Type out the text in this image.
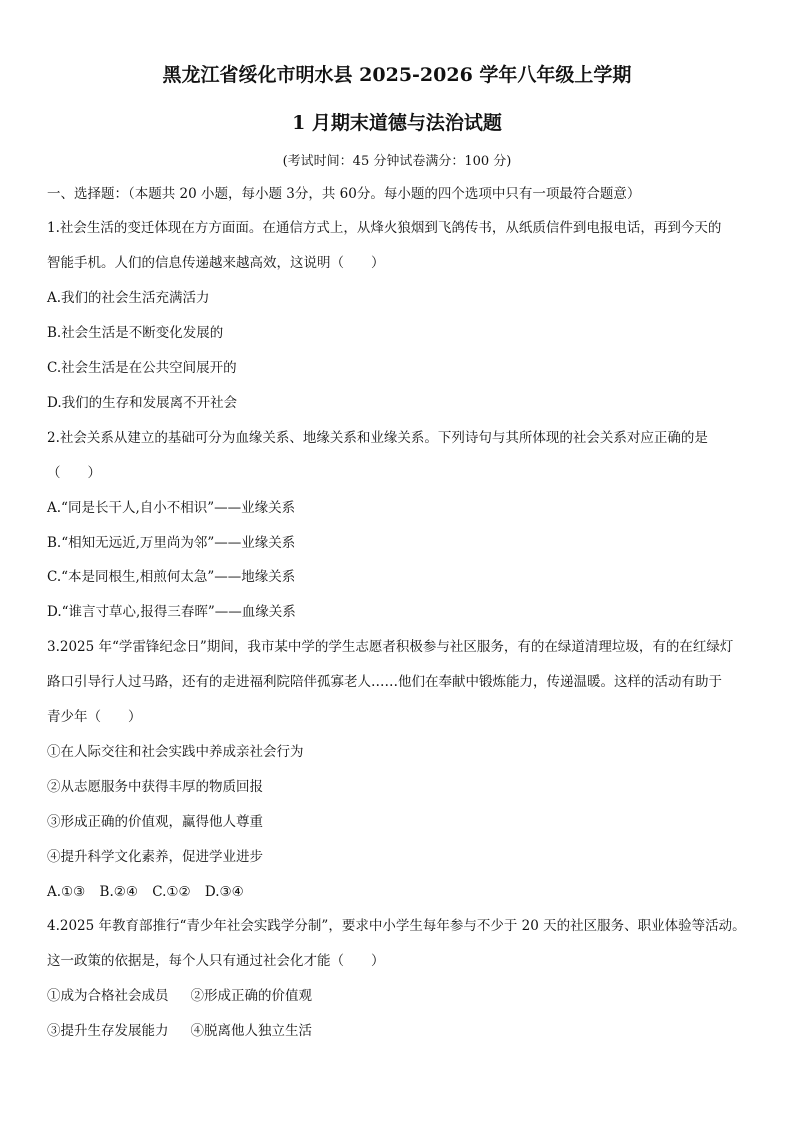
黑龙江省绥化市明水县 2025-2026 学年八年级上学期
1 月期末道德与法治试题
(考试时间：45 分钟试卷满分：100 分)
一、选择题：（本题共 20 小题，每小题 3分，共 60分。每小题的四个选项中只有一项最符合题意）
1.社会生活的变迁体现在方方面面。在通信方式上，从烽火狼烟到飞鸽传书，从纸质信件到电报电话，再到今天的
智能手机。人们的信息传递越来越高效，这说明（　　）
A.我们的社会生活充满活力
B.社会生活是不断变化发展的
C.社会生活是在公共空间展开的
D.我们的生存和发展离不开社会
2.社会关系从建立的基础可分为血缘关系、地缘关系和业缘关系。下列诗句与其所体现的社会关系对应正确的是
（　　）
A.“同是长干人,自小不相识”——业缘关系
B.“相知无远近,万里尚为邻”——业缘关系
C.“本是同根生,相煎何太急”——地缘关系
D.“谁言寸草心,报得三春晖”——血缘关系
3.2025 年“学雷锋纪念日”期间，我市某中学的学生志愿者积极参与社区服务，有的在绿道清理垃圾，有的在红绿灯
路口引导行人过马路，还有的走进福利院陪伴孤寡老人……他们在奉献中锻炼能力，传递温暖。这样的活动有助于
青少年（　　）
①在人际交往和社会实践中养成亲社会行为
②从志愿服务中获得丰厚的物质回报
③形成正确的价值观，赢得他人尊重
④提升科学文化素养，促进学业进步
A.①③ B.②④ C.①② D.③④
4.2025 年教育部推行“青少年社会实践学分制”，要求中小学生每年参与不少于 20 天的社区服务、职业体验等活动。
这一政策的依据是，每个人只有通过社会化才能（　　）
①成为合格社会成员 ②形成正确的价值观
③提升生存发展能力 ④脱离他人独立生活
